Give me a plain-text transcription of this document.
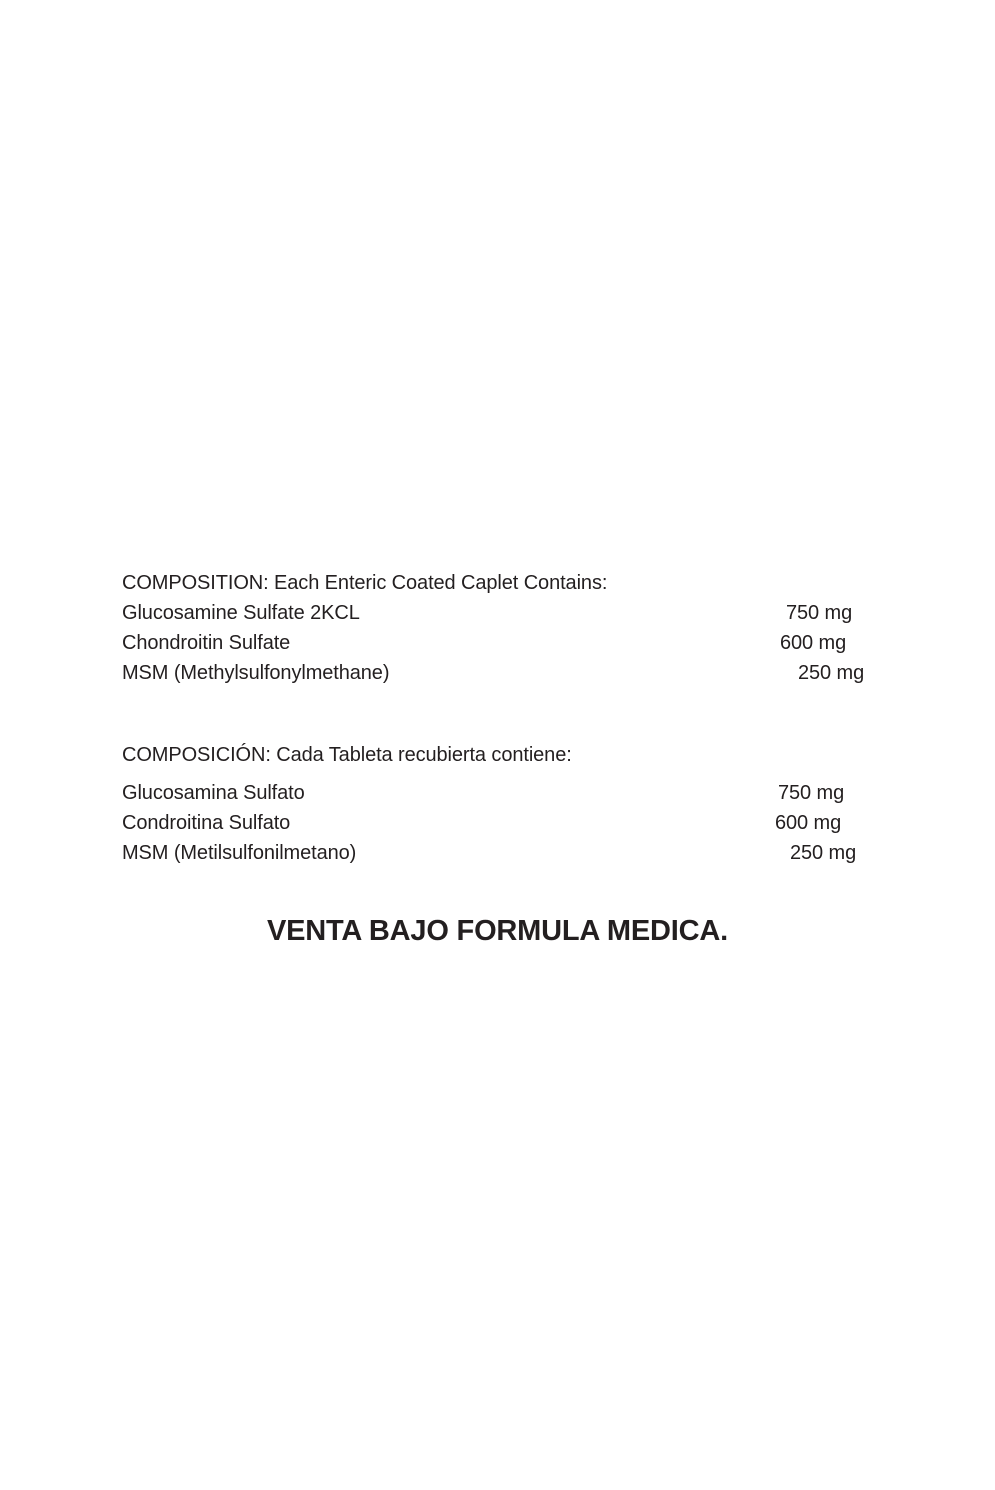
COMPOSITION: Each Enteric Coated Caplet Contains:
Glucosamine Sulfate 2KCL	750 mg
Chondroitin Sulfate	600 mg
MSM (Methylsulfonylmethane)	250 mg
COMPOSICIÓN: Cada Tableta recubierta contiene:
Glucosamina Sulfato	750 mg
Condroitina Sulfato	600 mg
MSM (Metilsulfonilmetano)	250 mg
VENTA BAJO FORMULA MEDICA.
